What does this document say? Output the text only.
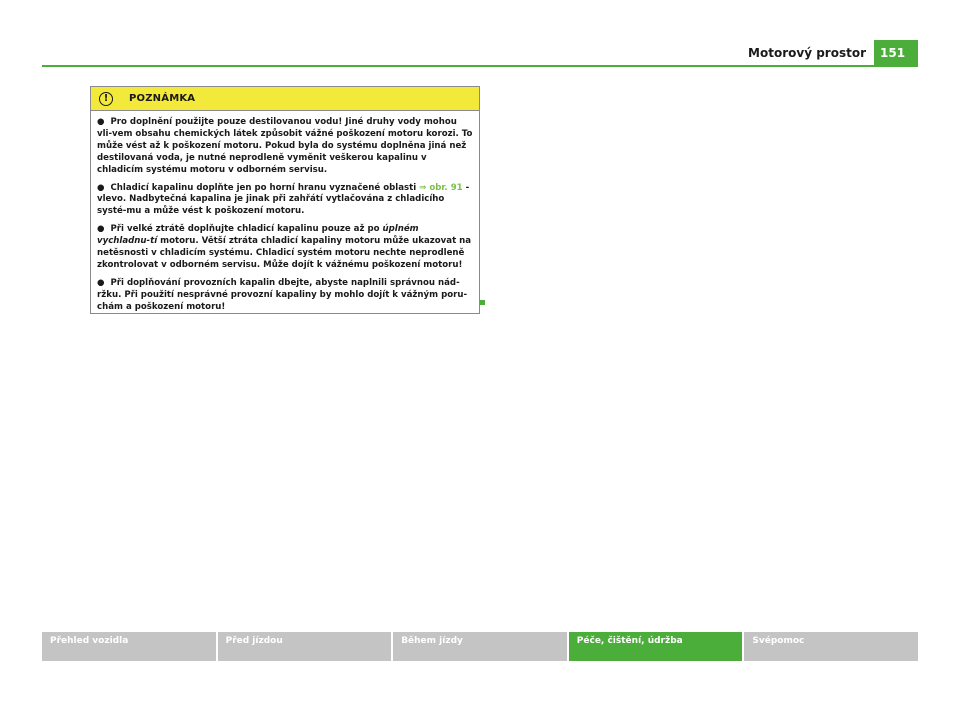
Motorový prostor	151
!	POZNÁMKA

● Pro doplnění použijte pouze destilovanou vodu! Jiné druhy vody mohou vli-vem obsahu chemických látek způsobit vážné poškození motoru korozi. To může vést až k poškození motoru. Pokud byla do systému doplněna jiná než destilovaná voda, je nutné neprodleně vyměnit veškerou kapalinu v chladicím systému motoru v odborném servisu.

● Chladicí kapalinu doplňte jen po horní hranu vyznačené oblasti ⇒ obr. 91 - vlevo. Nadbytečná kapalina je jinak při zahřátí vytlačována z chladicího systé-mu a může vést k poškození motoru.

● Při velké ztrátě doplňujte chladicí kapalinu pouze až po úplném vychladnu-tí motoru. Větší ztráta chladicí kapaliny motoru může ukazovat na netěsnosti v chladicím systému. Chladicí systém motoru nechte neprodleně zkontrolovat v odborném servisu. Může dojít k vážnému poškození motoru!

● Při doplňování provozních kapalin dbejte, abyste naplnili správnou nád-ržku. Při použití nesprávné provozní kapaliny by mohlo dojít k vážným poru-chám a poškození motoru!

Přehled vozidla	Před jízdou	Během jízdy	Péče, čištění, údržba	Svépomoc
